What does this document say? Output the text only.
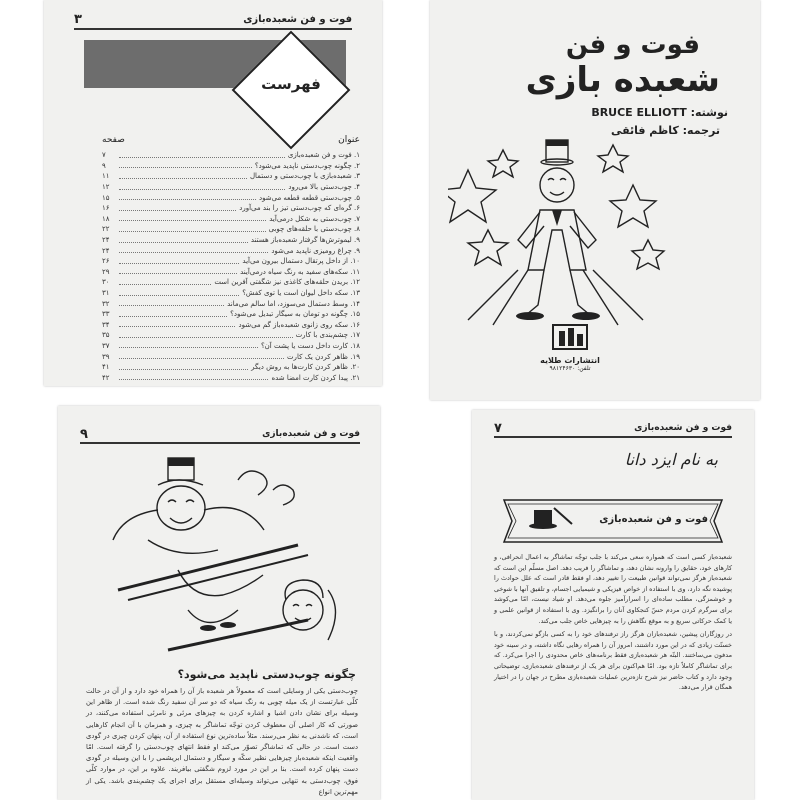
فوت و فن شعبده‌بازی
۳
فهرست
عنوان
صفحه
۱. فوت و فن شعبده‌بازی
۷
۲. چگونه چوب‌دستی ناپدید می‌شود؟
۹
۳. شعبده‌بازی با چوب‌دستی و دستمال
۱۱
۴. چوب‌دستی بالا می‌رود
۱۲
۵. چوب‌دستی قطعه قطعه می‌شود
۱۵
۶. گره‌ای که چوب‌دستی تیز را بند می‌آورد
۱۶
۷. چوب‌دستی به شکل درمی‌آید
۱۸
۸. چوب‌دستی با حلقه‌های چوبی
۲۲
۹. لیموترش‌ها گرفتار شعبده‌باز هستند
۲۴
۹. چراغ رومیزی ناپدید می‌شود
۲۴
۱۰. از داخل پرتقال دستمال بیرون می‌آید
۲۶
۱۱. سکه‌های سفید به رنگ سیاه درمی‌آیند
۲۹
۱۲. بریدن حلقه‌های کاغذی نیز شگفتی آفرین است
۳۰
۱۳. سکه داخل لیوان است یا توی کفش؟
۳۱
۱۴. وسط دستمال می‌سوزد، اما سالم می‌ماند
۳۲
۱۵. چگونه دو تومان به سیگار تبدیل می‌شود؟
۳۳
۱۶. سکه روی زانوی شعبده‌باز گم می‌شود
۳۴
۱۷. چشم‌بندی با کارت
۳۵
۱۸. کارت داخل دست یا پشت آن؟
۳۷
۱۹. ظاهر کردن یک کارت
۳۹
۲۰. ظاهر کردن کارت‌ها به روش دیگر
۴۱
۲۱. پیدا کردن کارت امضا شده
۴۲
فوت و فن
شعبده بازی
نوشته: BRUCE ELLIOTT
ترجمه: کاظم فائقی
انتشارات طلایه
تلفن: ۹۸۱۲۴۶۳۰
فوت و فن شعبده‌بازی
۹
چگونه چوب‌دستی ناپدید می‌شود؟
چوب‌دستی یکی از وسایلی است که معمولاً هر شعبده باز آن را همراه خود دارد و از آن در حالت کلّی عبارتست از یک میله چوبی به رنگ سیاه که دو سر آن سفید رنگ شده است. از ظاهر این وسیله برای نشان دادن اشیا و اشاره کردن به چیزهای مرئی و نامرئی استفاده می‌کنند، در صورتی که کار اصلی آن معطوف کردن توجّه تماشاگر به چیزی، و همزمان با آن انجام کارهایی است، که ناشدنی به نظر می‌رسند. مثلاً ساده‌ترین نوع استفاده از آن، پنهان کردن چیزی در گودی دست است. در حالی که تماشاگر تصوّر می‌کند او فقط انتهای چوب‌دستی را گرفته است. امّا واقعیت اینکه شعبده‌باز چیزهایی نظیر سکّه و سیگار و دستمال ابریشمی را با این وسیله در گودی دست پنهان کرده است. بنا بر این در مورد لزوم شگفتی بیافریند. علاوه بر این، در موارد کلّی فوق، چوب‌دستی به تنهایی می‌تواند وسیله‌ای مستقل برای اجرای یک چشم‌بندی باشد. یکی از مهم‌ترین انواع
فوت و فن شعبده‌بازی
۷
به نام ایزد دانا
فوت و فن شعبده‌بازی

شعبده‌باز کسی است که همواره سعی می‌کند با جلب توجّه تماشاگر به اعمال انحرافی، و کارهای خود، حقایق را وارونه نشان دهد، و تماشاگر را فریب دهد. اصل مسلّم این است که شعبده‌باز هرگز نمی‌تواند قوانین طبیعت را تغییر دهد، او فقط قادر است که علل حوادث را پوشیده نگه دارد، وی با استفاده از خواص فیزیکی و شیمیایی اجسام، و تلفیق آنها با شوخی و خوشمزگی، مطلب ساده‌ای را اسرارآمیز جلوه می‌دهد. او شیاد نیست، امّا می‌کوشد برای سرگرم کردن مردم حسّ کنجکاوی آنان را برانگیزد. وی با استفاده از قوانین علمی و یا کمک حرکاتی سریع و به موقع نگاهش را به چیزهایی خاص جلب می‌کند.

در روزگاران پیشین، شعبده‌بازان هرگز راز ترفندهای خود را به کسی بازگو نمی‌کردند، و با خستّت زیادی که در این مورد داشتند، امروز آن را همراه رهایی نگاه داشته، و در سینه خود مدفون می‌ساختند. البتّه هر شعبده‌بازی فقط برنامه‌های خاص محدودی را اجرا می‌کرد. که برای تماشاگر کاملاً تازه بود. امّا هم‌اکنون برای هر یک از ترفندهای شعبده‌بازی، توضیحاتی وجود دارد و کتاب حاضر نیز شرح تازه‌ترین عملیات شعبده‌بازی مطرح در جهان را در اختیار همگان قرار می‌دهد.
